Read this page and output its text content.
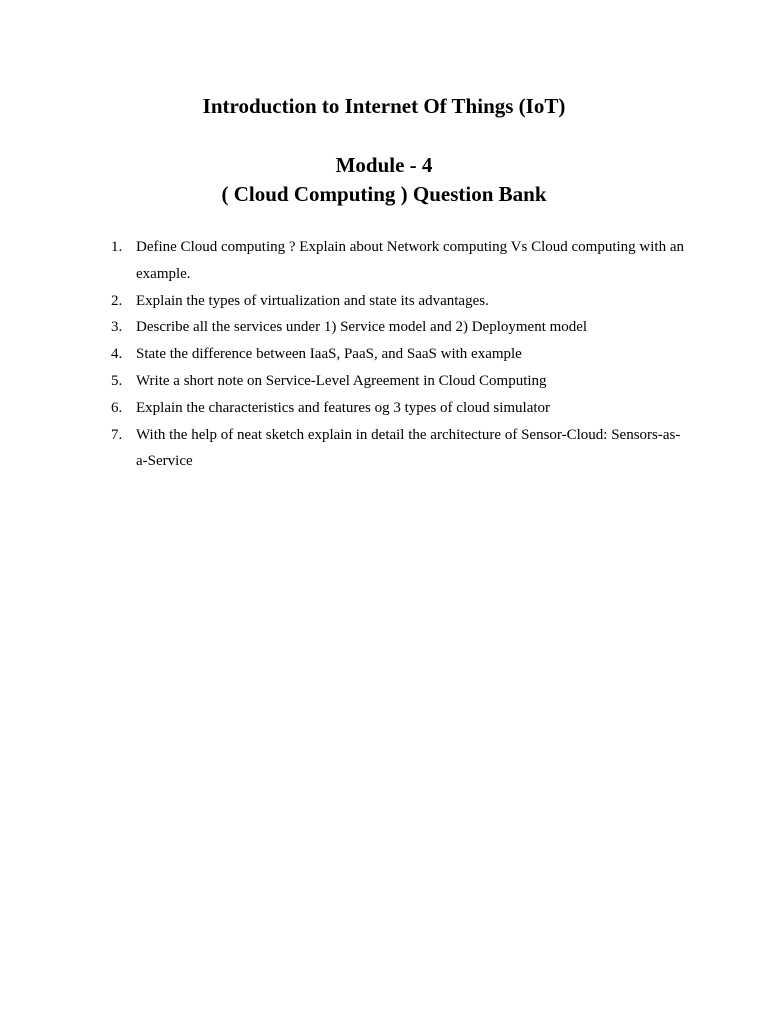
Introduction to Internet Of Things (IoT)
Module - 4
( Cloud Computing ) Question Bank
1. Define Cloud computing ? Explain about Network computing Vs Cloud computing with an example.
2. Explain the types of virtualization and state its advantages.
3. Describe all the services under 1) Service model and 2) Deployment model
4. State the difference between IaaS, PaaS, and SaaS with example
5. Write a short note on Service-Level Agreement in Cloud Computing
6. Explain the characteristics and features og 3 types of cloud simulator
7. With the help of neat sketch explain in detail the architecture of Sensor-Cloud: Sensors-as-a-Service
